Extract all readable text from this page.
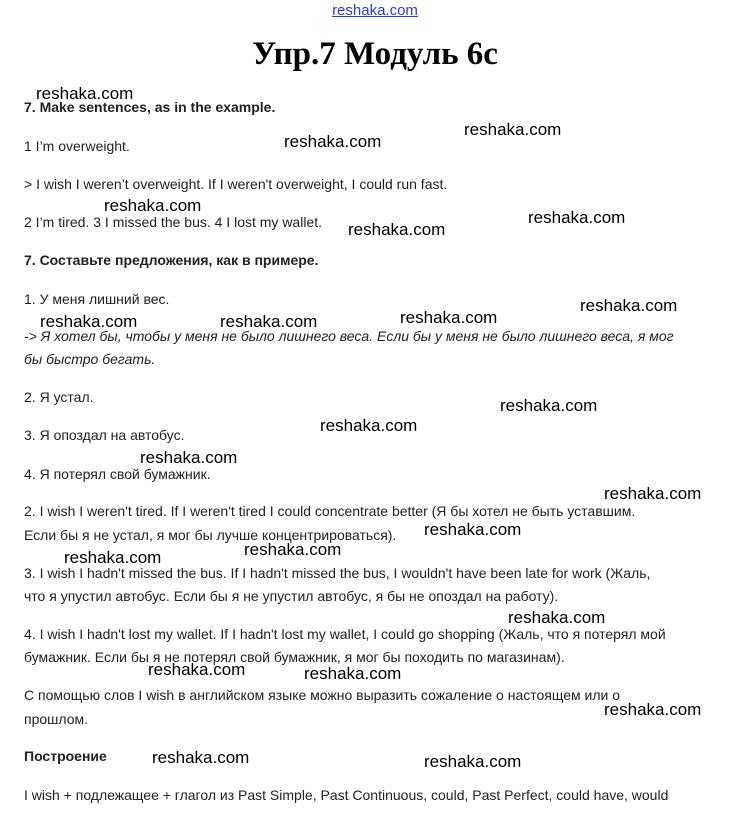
reshaka.com
Упр.7 Модуль 6с
7. Make sentences, as in the example.
1 I’m overweight.
> I wish I weren’t overweight. If I weren't overweight, I could run fast.
2 I’m tired. 3 I missed the bus. 4 I lost my wallet.
7. Составьте предложения, как в примере.
1. У меня лишний вес.
-> Я хотел бы, чтобы у меня не было лишнего веса. Если бы у меня не было лишнего веса, я мог
бы быстро бегать.
2. Я устал.
3. Я опоздал на автобус.
4. Я потерял свой бумажник.
2. I wish I weren't tired. If I weren't tired I could concentrate better (Я бы хотел не быть уставшим.
Если бы я не устал, я мог бы лучше концентрироваться).
3. I wish I hadn't missed the bus. If I hadn't missed the bus, I wouldn't have been late for work (Жаль,
что я упустил автобус. Если бы я не упустил автобус, я бы не опоздал на работу).
4. I wish I hadn't lost my wallet. If I hadn't lost my wallet, I could go shopping (Жаль, что я потерял мой
бумажник. Если бы я не потерял свой бумажник, я мог бы походить по магазинам).
С помощью слов I wish в английском языке можно выразить сожаление о настоящем или о
прошлом.
Построение
I wish + подлежащее + глагол из Past Simple, Past Continuous, could, Past Perfect, could have, would
reshaka.com
reshaka.com
reshaka.com
reshaka.com
reshaka.com
reshaka.com
reshaka.com
reshaka.com
reshaka.com	reshaka.com
reshaka.com
reshaka.com
reshaka.com
reshaka.com
reshaka.com
reshaka.com
reshaka.com
reshaka.com
reshaka.com	reshaka.com
reshaka.com
reshaka.com	reshaka.com
